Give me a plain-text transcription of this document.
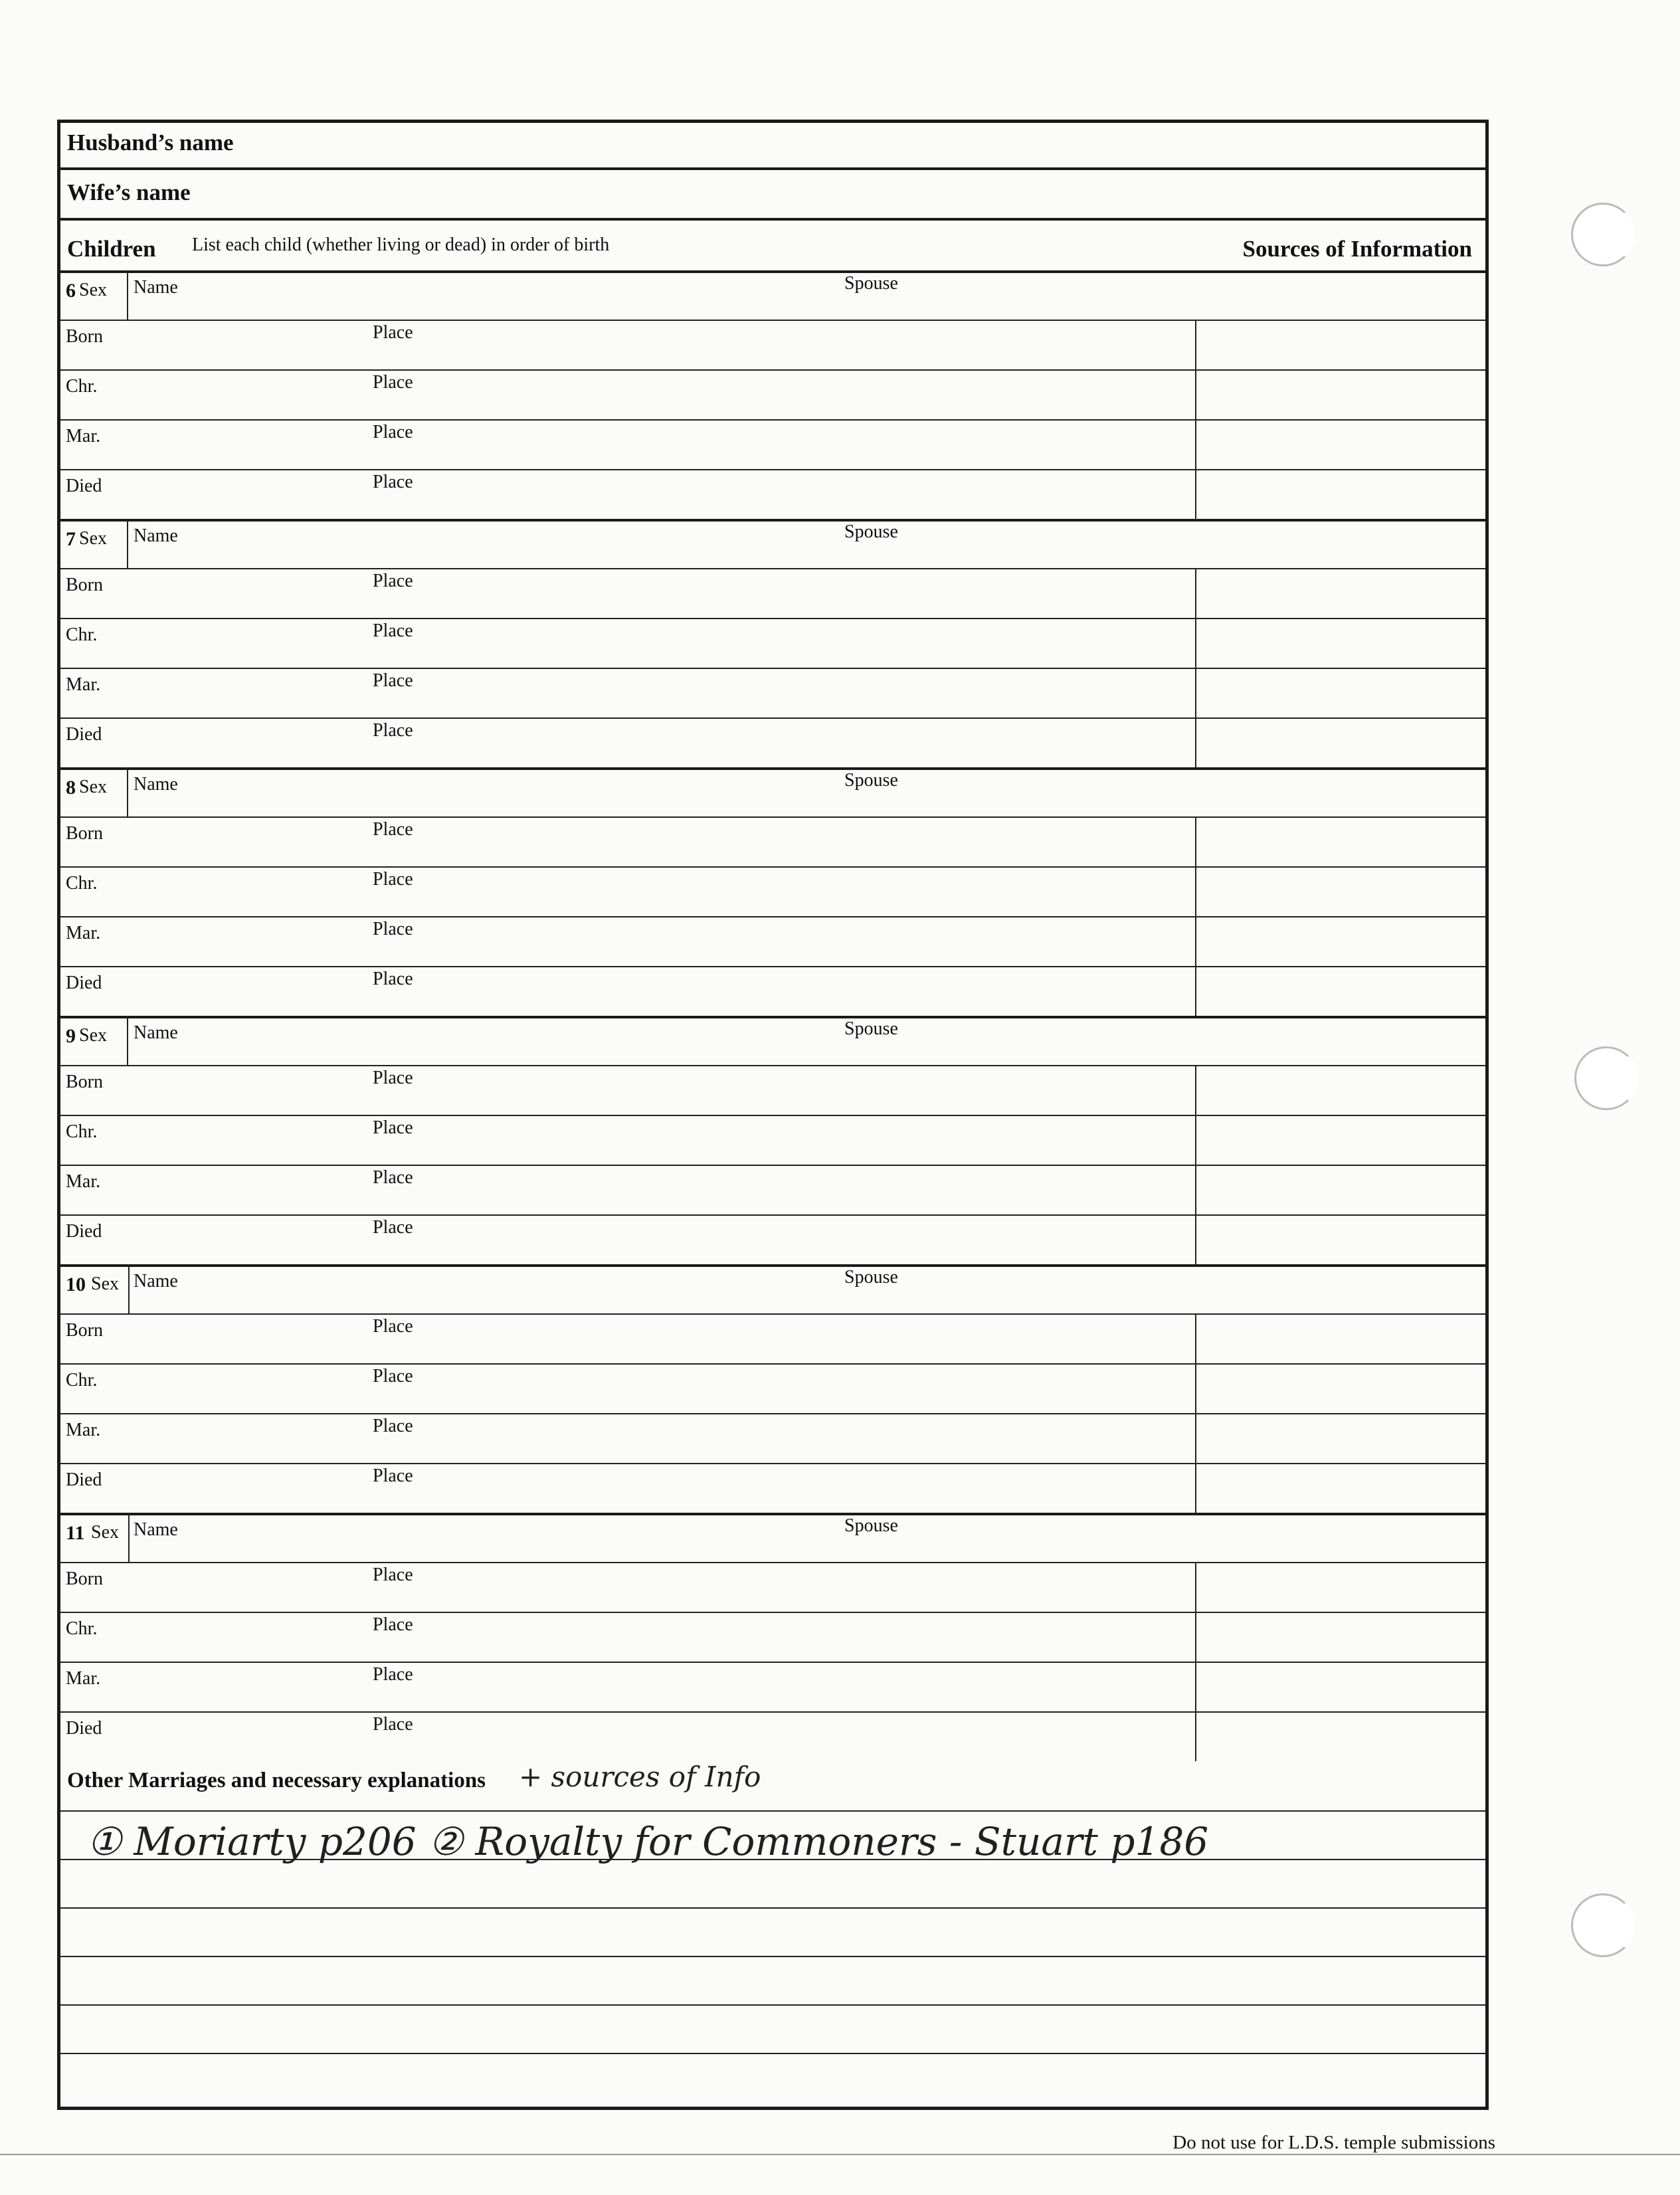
Husband’s name
Wife’s name
Children List each child (whether living or dead) in order of birth	Sources of Information
6 Sex Name	Spouse
Born	Place
Chr.	Place
Mar.	Place
Died	Place
7 Sex Name	Spouse
Born	Place
Chr.	Place
Mar.	Place
Died	Place
8 Sex Name	Spouse
Born	Place
Chr.	Place
Mar.	Place
Died	Place
9 Sex Name	Spouse
Born	Place
Chr.	Place
Mar.	Place
Died	Place
10 Sex Name	Spouse
Born	Place
Chr.	Place
Mar.	Place
Died	Place
11 Sex Name	Spouse
Born	Place
Chr.	Place
Mar.	Place
Died	Place
Other Marriages and necessary explanations + sources of Info
① Moriarty p206 ② Royalty for Commoners - Stuart p186
Do not use for L.D.S. temple submissions
